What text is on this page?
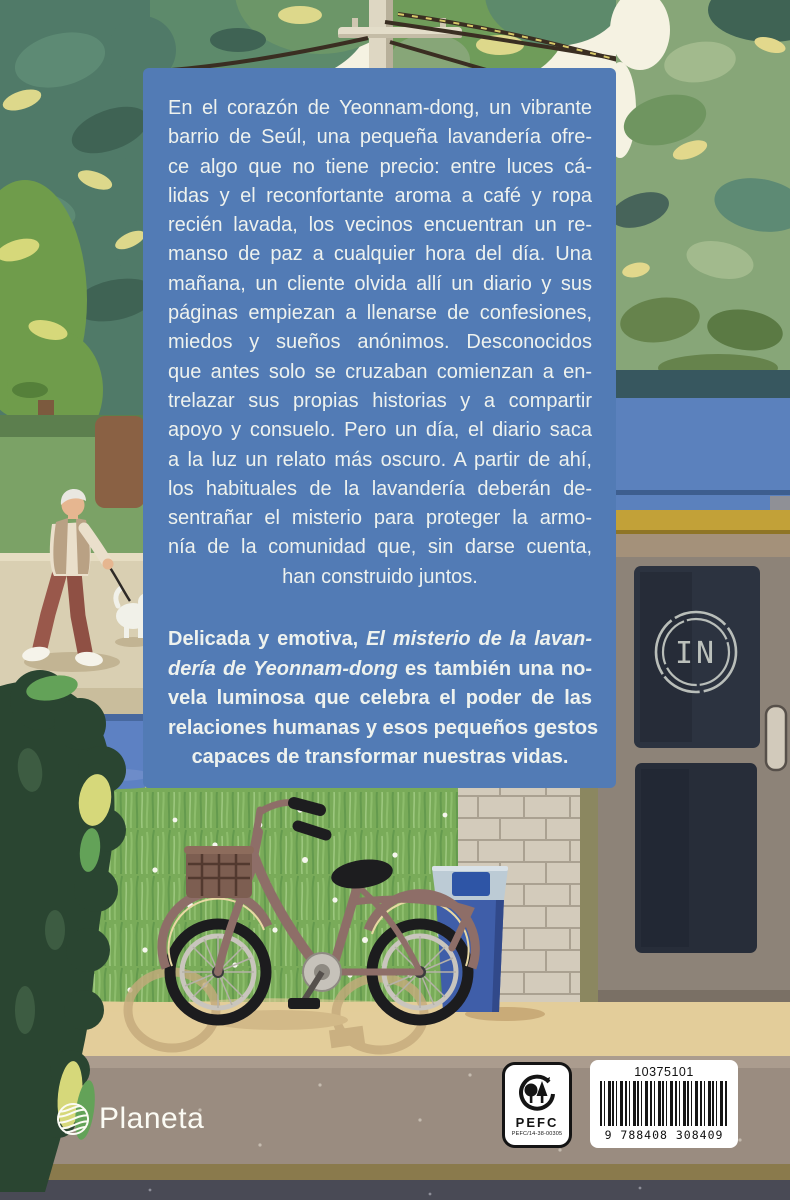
IN
En el corazón de Yeonnam-dong, un vibrante
barrio de Seúl, una pequeña lavandería ofre-
ce algo que no tiene precio: entre luces cá-
lidas y el reconfortante aroma a café y ropa
recién lavada, los vecinos encuentran un re-
manso de paz a cualquier hora del día. Una
mañana, un cliente olvida allí un diario y sus
páginas empiezan a llenarse de confesiones,
miedos y sueños anónimos. Desconocidos
que antes solo se cruzaban comienzan a en-
trelazar sus propias historias y a compartir
apoyo y consuelo. Pero un día, el diario saca
a la luz un relato más oscuro. A partir de ahí,
los habituales de la lavandería deberán de-
sentrañar el misterio para proteger la armo-
nía de la comunidad que, sin darse cuenta,
han construido juntos.
Delicada y emotiva, El misterio de la lavan-
dería de Yeonnam-dong es también una no-
vela luminosa que celebra el poder de las
relaciones humanas y esos pequeños gestos
capaces de transformar nuestras vidas.
Planeta	PEFC
PEFC/14-38-00305
10375101
9 788408 308409
